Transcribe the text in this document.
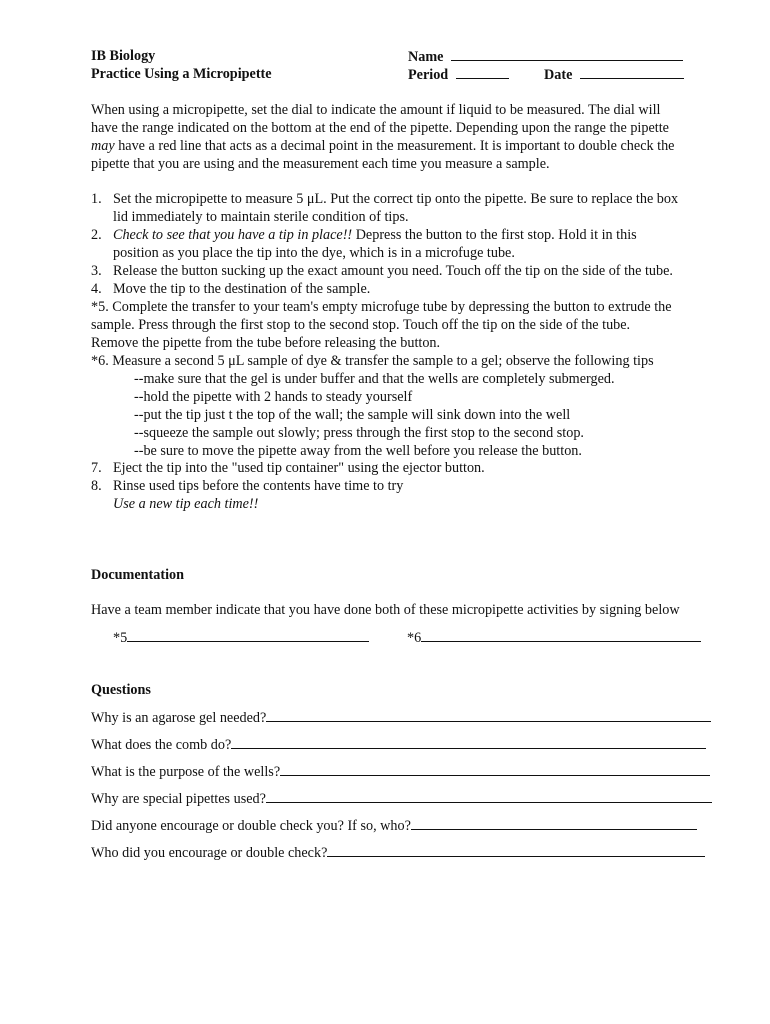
IB Biology
Practice Using a Micropipette
Name
Period	Date
When using a micropipette, set the dial to indicate the amount if liquid to be measured. The dial will
have the range indicated on the bottom at the end of the pipette. Depending upon the range the pipette
may have a red line that acts as a decimal point in the measurement. It is important to double check the
pipette that you are using and the measurement each time you measure a sample.
1. Set the micropipette to measure 5 μL. Put the correct tip onto the pipette. Be sure to replace the box
lid immediately to maintain sterile condition of tips.
2. Check to see that you have a tip in place!! Depress the button to the first stop. Hold it in this
position as you place the tip into the dye, which is in a microfuge tube.
3. Release the button sucking up the exact amount you need. Touch off the tip on the side of the tube.
4. Move the tip to the destination of the sample.
*5. Complete the transfer to your team's empty microfuge tube by depressing the button to extrude the
sample. Press through the first stop to the second stop. Touch off the tip on the side of the tube.
Remove the pipette from the tube before releasing the button.
*6. Measure a second 5 μL sample of dye & transfer the sample to a gel; observe the following tips
--make sure that the gel is under buffer and that the wells are completely submerged.
--hold the pipette with 2 hands to steady yourself
--put the tip just t the top of the wall; the sample will sink down into the well
--squeeze the sample out slowly; press through the first stop to the second stop.
--be sure to move the pipette away from the well before you release the button.
7. Eject the tip into the "used tip container" using the ejector button.
8. Rinse used tips before the contents have time to try
Use a new tip each time!!
Documentation
Have a team member indicate that you have done both of these micropipette activities by signing below
*5	*6
Questions
Why is an agarose gel needed?
What does the comb do?
What is the purpose of the wells?
Why are special pipettes used?
Did anyone encourage or double check you? If so, who?
Who did you encourage or double check?
